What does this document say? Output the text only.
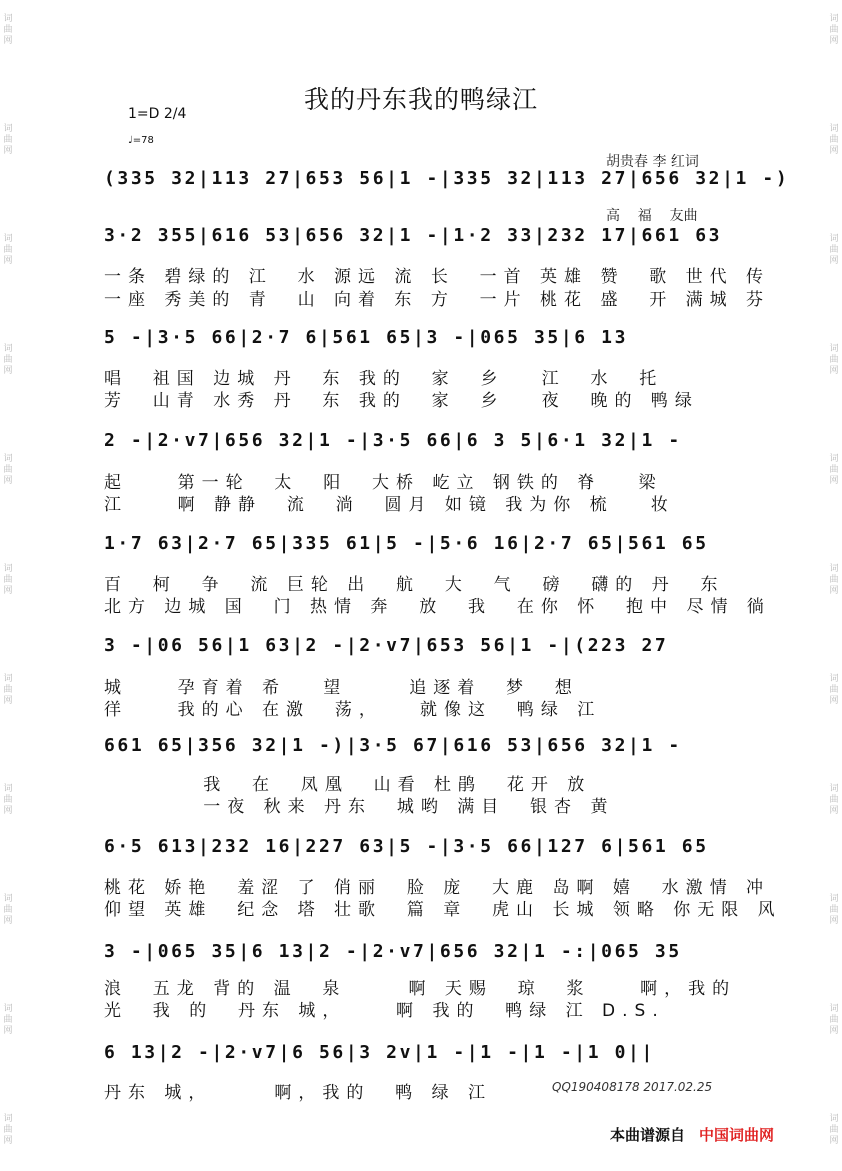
词曲网
词曲网
词曲网
词曲网
词曲网
词曲网
词曲网
词曲网
词曲网
词曲网
词曲网
词曲网
词曲网
词曲网
词曲网
词曲网
词曲网
词曲网
词曲网
词曲网
词曲网
词曲网
我的丹东我的鸭绿江
1=D 2/4
♩=78

胡贵春 李 红词

高    福    友曲

(335 32|113 27|653 56|1 -|335 32|113 27|656 32|1 -)
3·2 355|616 53|656 32|1 -|1·2 33|232 17|661 63
一条 碧绿的 江  水 源远 流 长  一首 英雄 赞  歌 世代 传
一座 秀美的 青  山 向着 东 方  一片 桃花 盛  开 满城 芬
5 -|3·5 66|2·7 6|561 65|3 -|065 35|6 13
唱  祖国 边城 丹  东 我的  家  乡   江  水  托
芳  山青 水秀 丹  东 我的  家  乡   夜  晚的 鸭绿
2 -|2·v7|656 32|1 -|3·5 66|6 3 5|6·1 32|1 -
起    第一轮  太  阳  大桥 屹立 钢铁的 脊   梁
江    啊 静静  流  淌  圆月 如镜 我为你 梳   妆
1·7 63|2·7 65|335 61|5 -|5·6 16|2·7 65|561 65
百  柯  争  流 巨轮 出  航  大  气  磅  礴的 丹  东
北方 边城 国  门 热情 奔  放  我  在你 怀  抱中 尽情 徜
3 -|06 56|1 63|2 -|2·v7|653 56|1 -|(223 27
城    孕育着 希   望     追逐着  梦  想
徉    我的心 在激  荡，   就像这  鸭绿 江
661 65|356 32|1 -)|3·5 67|616 53|656 32|1 -
我  在  凤凰  山看 杜鹃  花开 放
一夜 秋来 丹东  城哟 满目  银杏 黄
6·5 613|232 16|227 63|5 -|3·5 66|127 6|561 65
桃花 娇艳  羞涩 了 俏丽  脸 庞  大鹿 岛啊 嬉  水激情 冲
仰望 英雄  纪念 塔 壮歌  篇 章  虎山 长城 领略 你无限 风
3 -|065 35|6 13|2 -|2·v7|656 32|1 -:|065 35
浪  五龙 背的 温  泉     啊 天赐  琼  浆    啊，我的
光  我 的  丹东 城，    啊 我的  鸭绿 江 D.S.
6 13|2 -|2·v7|6 56|3 2v|1 -|1 -|1 -|1 0||
丹东 城，     啊，我的  鸭 绿 江	QQ190408178 2017.02.25
本曲谱源自 中国词曲网
